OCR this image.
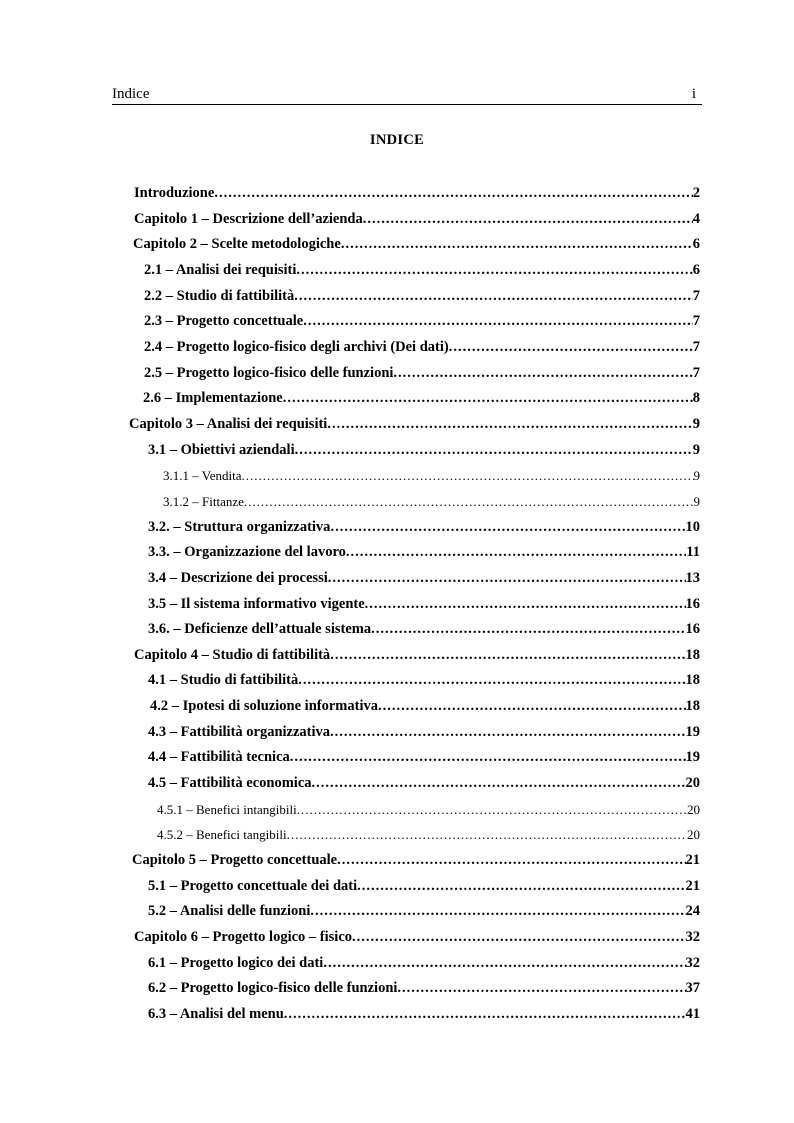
Indice	i
INDICE
Introduzione .....	2
Capitolo 1 – Descrizione dell’azienda .....	4
Capitolo 2 – Scelte metodologiche .....	6
2.1 – Analisi dei requisiti .....	6
2.2 – Studio di fattibilità .....	7
2.3 – Progetto concettuale .....	7
2.4 – Progetto logico-fisico degli archivi (Dei dati) .....	7
2.5 – Progetto logico-fisico delle funzioni .....	7
2.6 – Implementazione .....	8
Capitolo 3 – Analisi dei requisiti .....	9
3.1 – Obiettivi aziendali .....	9
3.1.1 – Vendita .....	9
3.1.2 – Fittanze .....	9
3.2. – Struttura organizzativa .....	10
3.3. – Organizzazione del lavoro .....	11
3.4 – Descrizione dei processi .....	13
3.5 – Il sistema informativo vigente .....	16
3.6. – Deficienze dell’attuale sistema .....	16
Capitolo 4 – Studio di fattibilità .....	18
4.1 – Studio di fattibilità .....	18
4.2 – Ipotesi di soluzione informativa .....	18
4.3 – Fattibilità organizzativa .....	19
4.4 – Fattibilità tecnica .....	19
4.5 – Fattibilità economica .....	20
4.5.1 – Benefici intangibili .....	20
4.5.2 – Benefici tangibili .....	20
Capitolo 5 – Progetto concettuale .....	21
5.1 – Progetto concettuale dei dati .....	21
5.2 – Analisi delle funzioni .....	24
Capitolo 6 – Progetto logico – fisico .....	32
6.1 – Progetto logico dei dati .....	32
6.2 – Progetto logico-fisico delle funzioni .....	37
6.3 – Analisi del menu .....	41
